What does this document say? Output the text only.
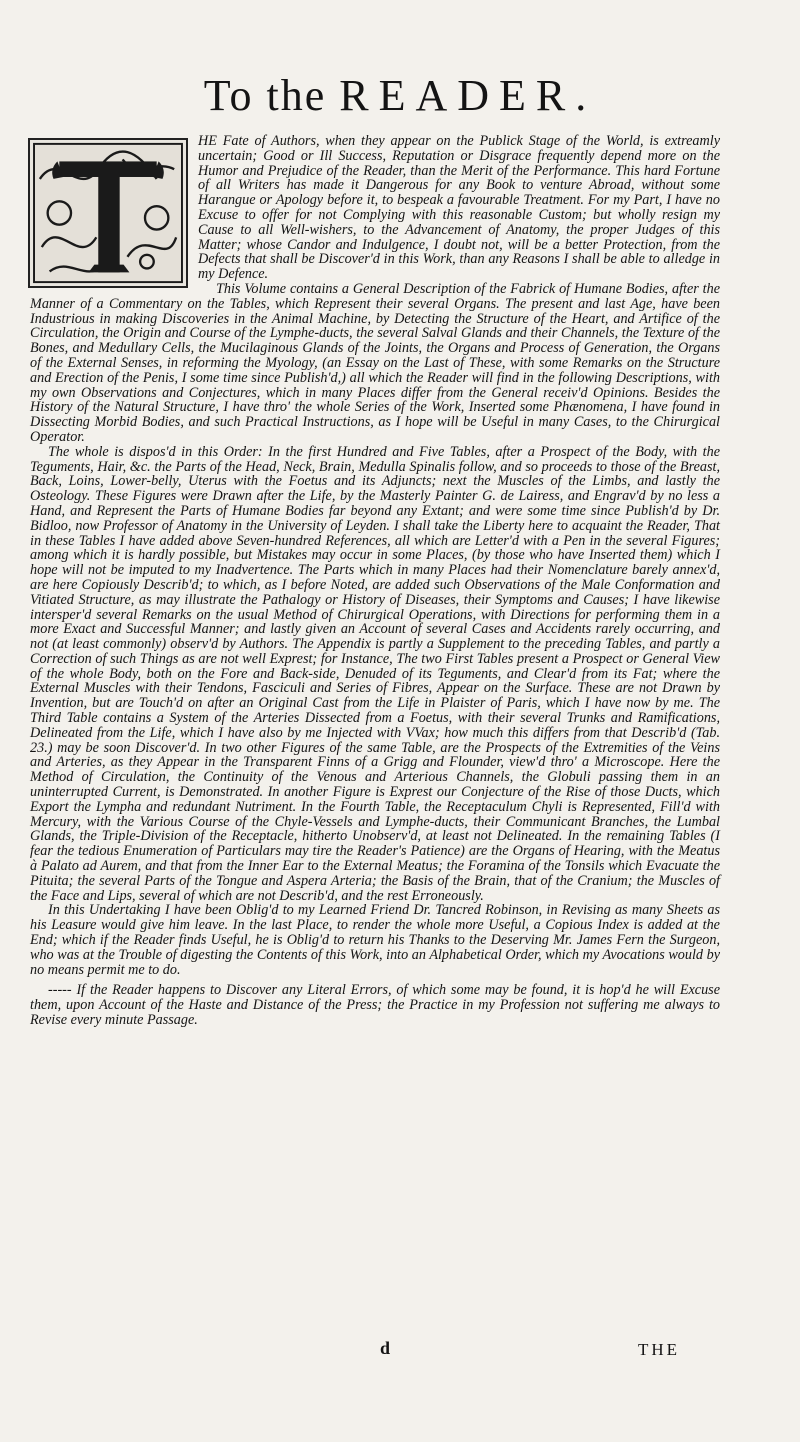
To the READER.
T	HE Fate of Authors, when they appear on the Publick Stage of the World, is extreamly uncertain; Good or Ill Success, Reputation or Disgrace frequently depend more on the Humor and Prejudice of the Reader, than the Merit of the Performance. This hard Fortune of all Writers has made it Dangerous for any Book to venture Abroad, without some Harangue or Apology before it, to bespeak a favourable Treatment. For my Part, I have no Excuse to offer for not Complying with this reasonable Custom; but wholly resign my Cause to all Well-wishers, to the Advancement of Anatomy, the proper Judges of this Matter; whose Candor and Indulgence, I doubt not, will be a better Protection, from the Defects that shall be Discover'd in this Work, than any Reasons I shall be able to alledge in my Defence.

This Volume contains a General Description of the Fabrick of Humane Bodies, after the Manner of a Commentary on the Tables, which Represent their several Organs. The present and last Age, have been Industrious in making Discoveries in the Animal Machine, by Detecting the Structure of the Heart, and Artifice of the Circulation, the Origin and Course of the Lymphe-ducts, the several Salval Glands and their Channels, the Texture of the Bones, and Medullary Cells, the Mucilaginous Glands of the Joints, the Organs and Process of Generation, the Organs of the External Senses, in reforming the Myology, (an Essay on the Last of These, with some Remarks on the Structure and Erection of the Penis, I some time since Publish'd,) all which the Reader will find in the following Descriptions, with my own Observations and Conjectures, which in many Places differ from the General receiv'd Opinions. Besides the History of the Natural Structure, I have thro' the whole Series of the Work, Inserted some Phænomena, I have found in Dissecting Morbid Bodies, and such Practical Instructions, as I hope will be Useful in many Cases, to the Chirurgical Operator.

The whole is dispos'd in this Order: In the first Hundred and Five Tables, after a Prospect of the Body, with the Teguments, Hair, &c. the Parts of the Head, Neck, Brain, Medulla Spinalis follow, and so proceeds to those of the Breast, Back, Loins, Lower-belly, Uterus with the Foetus and its Adjuncts; next the Muscles of the Limbs, and lastly the Osteology. These Figures were Drawn after the Life, by the Masterly Painter G. de Lairess, and Engrav'd by no less a Hand, and Represent the Parts of Humane Bodies far beyond any Extant; and were some time since Publish'd by Dr. Bidloo, now Professor of Anatomy in the University of Leyden. I shall take the Liberty here to acquaint the Reader, That in these Tables I have added above Seven-hundred References, all which are Letter'd with a Pen in the several Figures; among which it is hardly possible, but Mistakes may occur in some Places, (by those who have Inserted them) which I hope will not be imputed to my Inadvertence. The Parts which in many Places had their Nomenclature barely annex'd, are here Copiously Describ'd; to which, as I before Noted, are added such Observations of the Male Conformation and Vitiated Structure, as may illustrate the Pathalogy or History of Diseases, their Symptoms and Causes; I have likewise intersper'd several Remarks on the usual Method of Chirurgical Operations, with Directions for performing them in a more Exact and Successful Manner; and lastly given an Account of several Cases and Accidents rarely occurring, and not (at least commonly) observ'd by Authors. The Appendix is partly a Supplement to the preceding Tables, and partly a Correction of such Things as are not well Exprest; for Instance, The two First Tables present a Prospect or General View of the whole Body, both on the Fore and Back-side, Denuded of its Teguments, and Clear'd from its Fat; where the External Muscles with their Tendons, Fasciculi and Series of Fibres, Appear on the Surface. These are not Drawn by Invention, but are Touch'd on after an Original Cast from the Life in Plaister of Paris, which I have now by me. The Third Table contains a System of the Arteries Dissected from a Foetus, with their several Trunks and Ramifications, Delineated from the Life, which I have also by me Injected with VVax; how much this differs from that Describ'd (Tab. 23.) may be soon Discover'd. In two other Figures of the same Table, are the Prospects of the Extremities of the Veins and Arteries, as they Appear in the Transparent Finns of a Grigg and Flounder, view'd thro' a Microscope. Here the Method of Circulation, the Continuity of the Venous and Arterious Channels, the Globuli passing them in an uninterrupted Current, is Demonstrated. In another Figure is Exprest our Conjecture of the Rise of those Ducts, which Export the Lympha and redundant Nutriment. In the Fourth Table, the Receptaculum Chyli is Represented, Fill'd with Mercury, with the Various Course of the Chyle-Vessels and Lymphe-ducts, their Communicant Branches, the Lumbal Glands, the Triple-Division of the Receptacle, hitherto Unobserv'd, at least not Delineated. In the remaining Tables (I fear the tedious Enumeration of Particulars may tire the Reader's Patience) are the Organs of Hearing, with the Meatus à Palato ad Aurem, and that from the Inner Ear to the External Meatus; the Foramina of the Tonsils which Evacuate the Pituita; the several Parts of the Tongue and Aspera Arteria; the Basis of the Brain, that of the Cranium; the Muscles of the Face and Lips, several of which are not Describ'd, and the rest Erroneously.

In this Undertaking I have been Oblig'd to my Learned Friend Dr. Tancred Robinson, in Revising as many Sheets as his Leasure would give him leave. In the last Place, to render the whole more Useful, a Copious Index is added at the End; which if the Reader finds Useful, he is Oblig'd to return his Thanks to the Deserving Mr. James Fern the Surgeon, who was at the Trouble of digesting the Contents of this Work, into an Alphabetical Order, which my Avocations would by no means permit me to do.

----- If the Reader happens to Discover any Literal Errors, of which some may be found, it is hop'd he will Excuse them, upon Account of the Haste and Distance of the Press; the Practice in my Profession not suffering me always to Revise every minute Passage.

d	THE
